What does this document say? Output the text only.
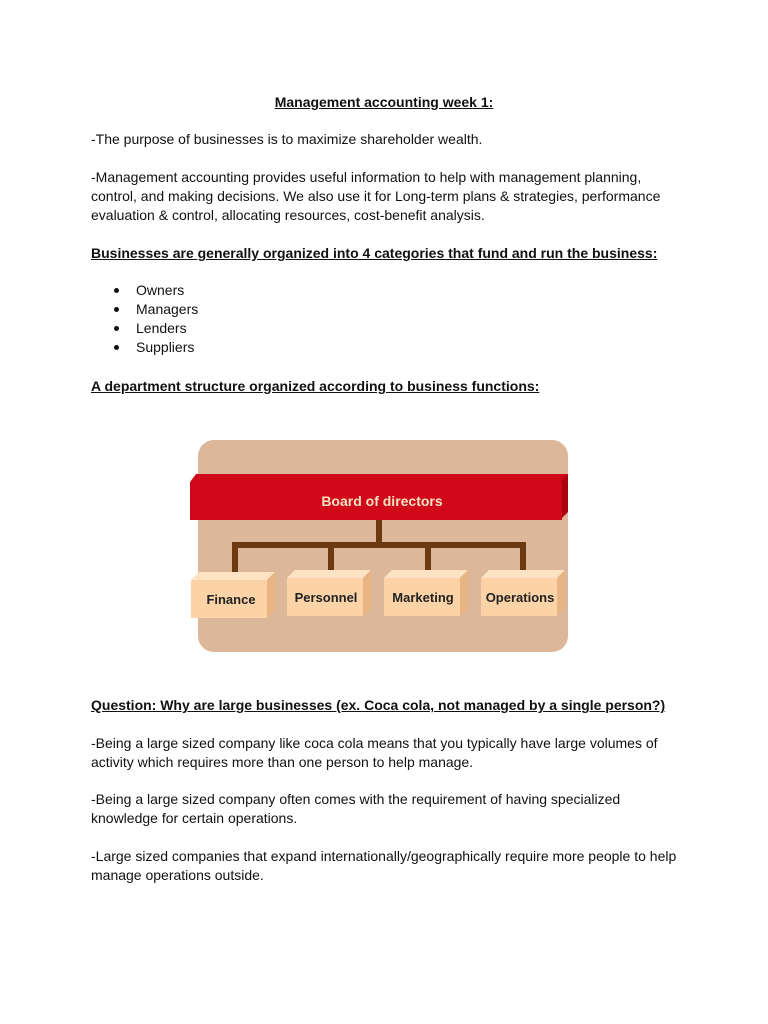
Management accounting week 1:

-The purpose of businesses is to maximize shareholder wealth.

-Management accounting provides useful information to help with management planning, control, and making decisions. We also use it for Long-term plans & strategies, performance evaluation & control, allocating resources, cost-benefit analysis.

Businesses are generally organized into 4 categories that fund and run the business:
Owners
Managers
Lenders
Suppliers
A department structure organized according to business functions:
Board of directors
Finance	Personnel	Marketing Operations
Question: Why are large businesses (ex. Coca cola, not managed by a single person?)

-Being a large sized company like coca cola means that you typically have large volumes of activity which requires more than one person to help manage.

-Being a large sized company often comes with the requirement of having specialized knowledge for certain operations.

-Large sized companies that expand internationally/geographically require more people to help manage operations outside.
